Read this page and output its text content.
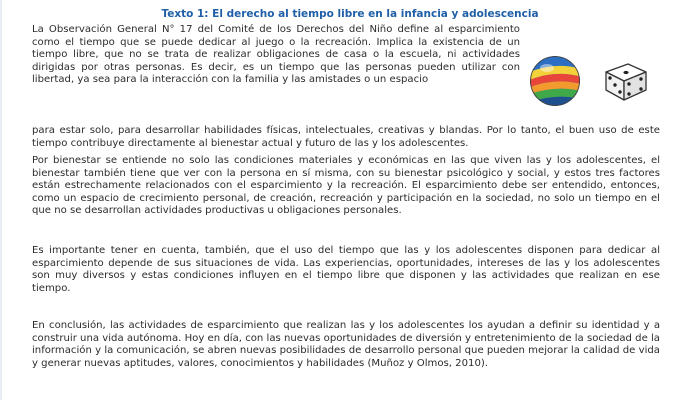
Texto 1: El derecho al tiempo libre en la infancia y adolescencia

La Observación General N° 17 del Comité de los Derechos del Niño define al esparcimiento como el tiempo que se puede dedicar al juego o la recreación. Implica la existencia de un tiempo libre, que no se trata de realizar obligaciones de casa o la escuela, ni actividades dirigidas por otras personas. Es decir, es un tiempo que las personas pueden utilizar con libertad, ya sea para la interacción con la familia y las amistades o un espacio

para estar solo, para desarrollar habilidades físicas, intelectuales, creativas y blandas. Por lo tanto, el buen uso de este tiempo contribuye directamente al bienestar actual y futuro de las y los adolescentes.

Por bienestar se entiende no solo las condiciones materiales y económicas en las que viven las y los adolescentes, el bienestar también tiene que ver con la persona en sí misma, con su bienestar psicológico y social, y estos tres factores están estrechamente relacionados con el esparcimiento y la recreación. El esparcimiento debe ser entendido, entonces, como un espacio de crecimiento personal, de creación, recreación y participación en la sociedad, no solo un tiempo en el que no se desarrollan actividades productivas u obligaciones personales.

Es importante tener en cuenta, también, que el uso del tiempo que las y los adolescentes disponen para dedicar al esparcimiento depende de sus situaciones de vida. Las experiencias, oportunidades, intereses de las y los adolescentes son muy diversos y estas condiciones influyen en el tiempo libre que disponen y las actividades que realizan en ese tiempo.

En conclusión, las actividades de esparcimiento que realizan las y los adolescentes los ayudan a definir su identidad y a construir una vida autónoma. Hoy en día, con las nuevas oportunidades de diversión y entretenimiento de la sociedad de la información y la comunicación, se abren nuevas posibilidades de desarrollo personal que pueden mejorar la calidad de vida y generar nuevas aptitudes, valores, conocimientos y habilidades (Muñoz y Olmos, 2010).
